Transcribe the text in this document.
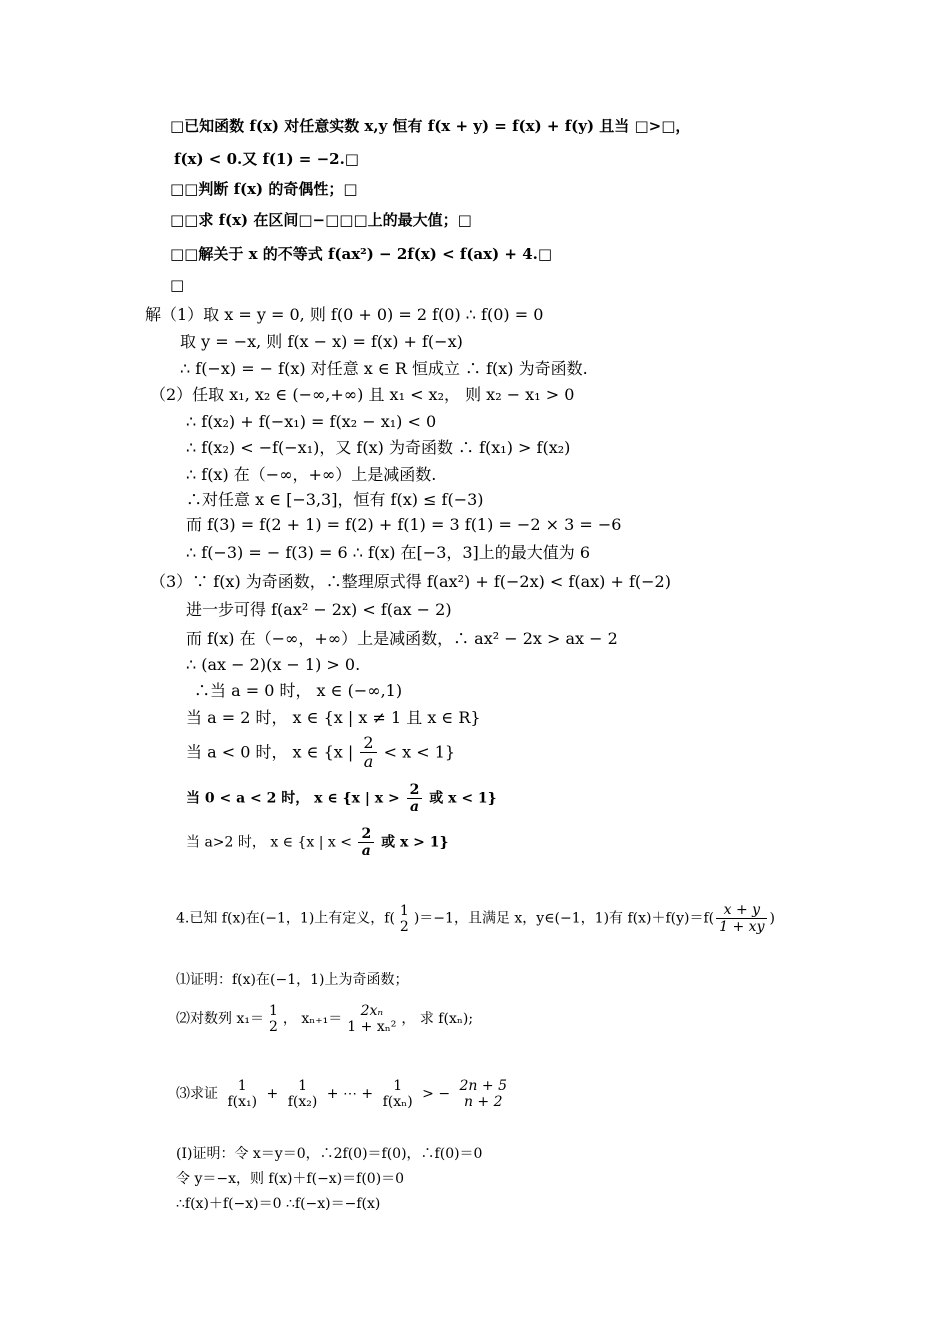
□已知函数 f(x) 对任意实数 x,y 恒有 f(x + y) = f(x) + f(y) 且当 □>□，
f(x) < 0.又 f(1) = −2.□
□□判断 f(x) 的奇偶性；□
□□求 f(x) 在区间□−□□□上的最大值；□
□□解关于 x 的不等式 f(ax²) − 2f(x) < f(ax) + 4.□
□
解（1）取 x = y = 0, 则 f(0 + 0) = 2 f(0) ∴ f(0) = 0
取 y = −x, 则 f(x − x) = f(x) + f(−x)
∴ f(−x) = − f(x) 对任意 x ∈ R 恒成立 ∴ f(x) 为奇函数.
（2）任取 x₁, x₂ ∈ (−∞,+∞) 且 x₁ < x₂， 则 x₂ − x₁ > 0
∴ f(x₂) + f(−x₁) = f(x₂ − x₁) < 0
∴ f(x₂) < −f(−x₁)，又 f(x) 为奇函数 ∴ f(x₁) > f(x₂)
∴ f(x) 在（−∞，+∞）上是减函数.
∴对任意 x ∈ [−3,3]，恒有 f(x) ≤ f(−3)
而 f(3) = f(2 + 1) = f(2) + f(1) = 3 f(1) = −2 × 3 = −6
∴ f(−3) = − f(3) = 6 ∴ f(x) 在[−3，3]上的最大值为 6
（3）∵ f(x) 为奇函数，∴整理原式得 f(ax²) + f(−2x) < f(ax) + f(−2)
进一步可得 f(ax² − 2x) < f(ax − 2)
而 f(x) 在（−∞，+∞）上是减函数，∴ ax² − 2x > ax − 2
∴ (ax − 2)(x − 1) > 0.
∴当 a = 0 时， x ∈ (−∞,1)
当 a = 2 时， x ∈ {x | x ≠ 1 且 x ∈ R}
当 a < 0 时， x ∈ {x | $\frac{2}{a} < x < 1$}
当 0 < a < 2 时， x ∈ {x | $x > \frac{2}{a}$ 或 x < 1}
当 a>2 时， x ∈ {x | $x < \frac{2}{a}$ 或 x > 1}
4.已知 f(x)在(−1，1)上有定义，f(
1
2 )＝−1，且满足 x，y∈(−1，1)有 $f(x)+f(y)=f( \frac{x + y}{1 + xy}$ )
⑴证明：f(x)在(−1，1)上为奇函数；
⑵对数列 x₁＝
1
2 ， xₙ₊₁＝
2xₙ
1 + xₙ² ， 求 f(xₙ);
⑶求证
1
f(x₁) +
1
f(x₂) + ⋯ +
1
f(xₙ) > −
2n + 5
n + 2
(Ⅰ)证明：令 x＝y＝0，∴2f(0)＝f(0)，∴f(0)＝0
令 y＝−x，则 f(x)＋f(−x)＝f(0)＝0
∴f(x)＋f(−x)＝0 ∴f(−x)＝−f(x)
